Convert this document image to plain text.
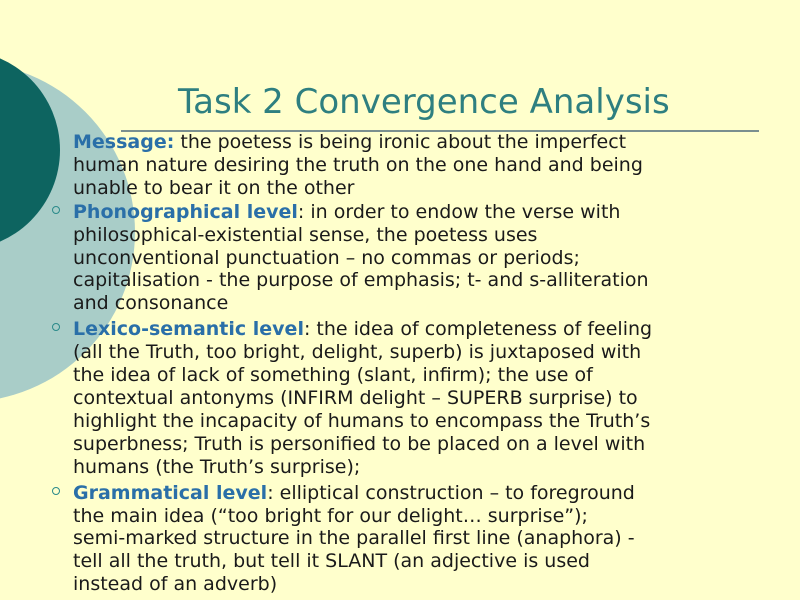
Task 2 Convergence Analysis
Message: the poetess is being ironic about the imperfect
human nature desiring the truth on the one hand and being
unable to bear it on the other
Phonographical level: in order to endow the verse with
philosophical-existential sense, the poetess uses
unconventional punctuation – no commas or periods;
capitalisation - the purpose of emphasis; t- and s-alliteration
and consonance
Lexico-semantic level: the idea of completeness of feeling
(all the Truth, too bright, delight, superb) is juxtaposed with
the idea of lack of something (slant, infirm); the use of
contextual antonyms (INFIRM delight – SUPERB surprise) to
highlight the incapacity of humans to encompass the Truth’s
superbness; Truth is personified to be placed on a level with
humans (the Truth’s surprise);
Grammatical level: elliptical construction – to foreground
the main idea (“too bright for our delight… surprise”);
semi-marked structure in the parallel first line (anaphora) -
tell all the truth, but tell it SLANT (an adjective is used
instead of an adverb)
